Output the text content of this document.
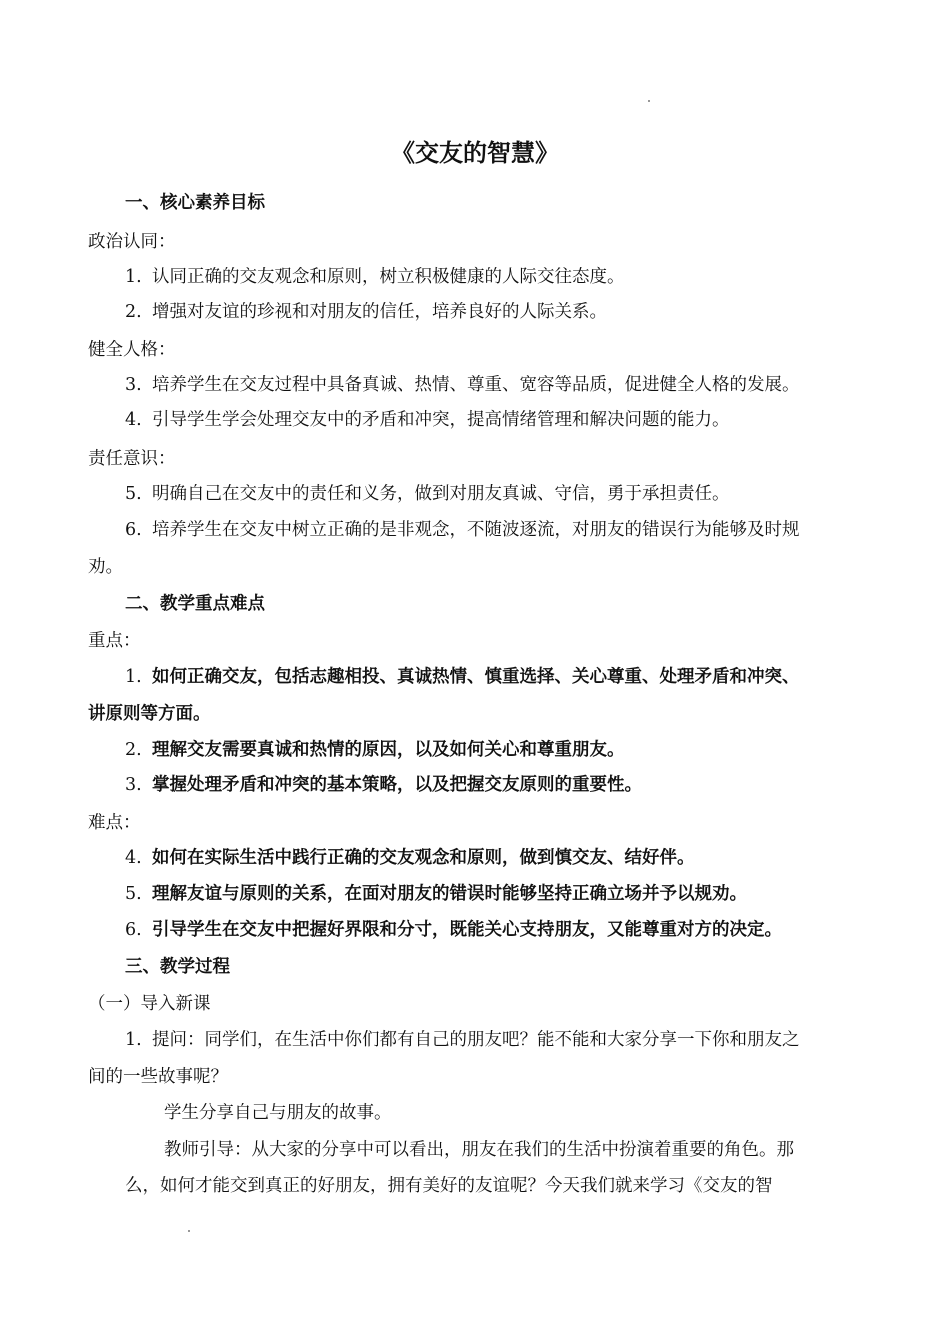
《交友的智慧》
一、核心素养目标
政治认同：
1. 认同正确的交友观念和原则，树立积极健康的人际交往态度。
2. 增强对友谊的珍视和对朋友的信任，培养良好的人际关系。
健全人格：
3. 培养学生在交友过程中具备真诚、热情、尊重、宽容等品质，促进健全人格的发展。
4. 引导学生学会处理交友中的矛盾和冲突，提高情绪管理和解决问题的能力。
责任意识：
5. 明确自己在交友中的责任和义务，做到对朋友真诚、守信，勇于承担责任。
6. 培养学生在交友中树立正确的是非观念，不随波逐流，对朋友的错误行为能够及时规
劝。
二、教学重点难点
重点：
1. 如何正确交友，包括志趣相投、真诚热情、慎重选择、关心尊重、处理矛盾和冲突、
讲原则等方面。
2. 理解交友需要真诚和热情的原因，以及如何关心和尊重朋友。
3. 掌握处理矛盾和冲突的基本策略，以及把握交友原则的重要性。
难点：
4. 如何在实际生活中践行正确的交友观念和原则，做到慎交友、结好伴。
5. 理解友谊与原则的关系，在面对朋友的错误时能够坚持正确立场并予以规劝。
6. 引导学生在交友中把握好界限和分寸，既能关心支持朋友，又能尊重对方的决定。
三、教学过程
（一）导入新课
1. 提问：同学们，在生活中你们都有自己的朋友吧？能不能和大家分享一下你和朋友之
间的一些故事呢？
学生分享自己与朋友的故事。
教师引导：从大家的分享中可以看出，朋友在我们的生活中扮演着重要的角色。那
么，如何才能交到真正的好朋友，拥有美好的友谊呢？今天我们就来学习《交友的智
